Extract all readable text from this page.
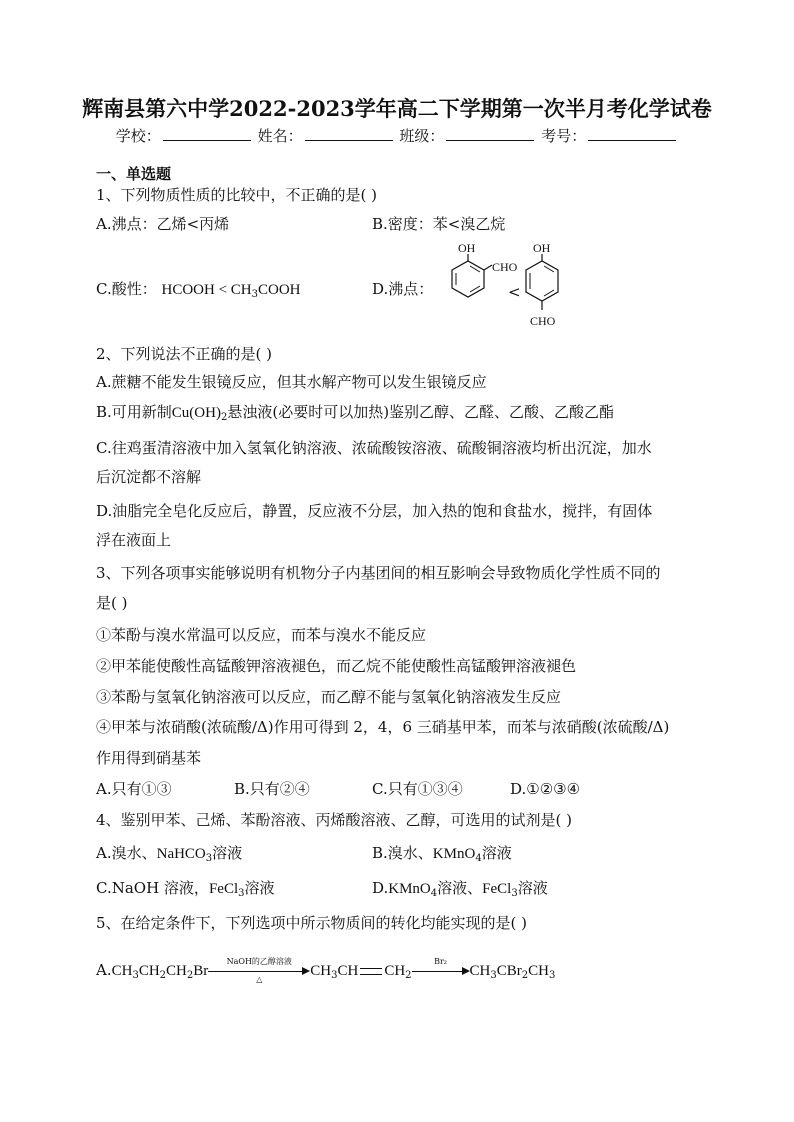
辉南县第六中学2022-2023学年高二下学期第一次半月考化学试卷
学校：	姓名：	班级：	考号：
一、单选题
1、下列物质性质的比较中，不正确的是( )
A.沸点：乙烯<丙烯	B.密度：苯<溴乙烷
C.酸性： HCOOH < $CH_3COOH$	D.沸点：
OH
CHO
<
OH
CHO
2、下列说法不正确的是( )
A.蔗糖不能发生银镜反应，但其水解产物可以发生银镜反应
B.可用新制$Cu(OH)_2$悬浊液(必要时可以加热)鉴别乙醇、乙醛、乙酸、乙酸乙酯
C.往鸡蛋清溶液中加入氢氧化钠溶液、浓硫酸铵溶液、硫酸铜溶液均析出沉淀，加水
后沉淀都不溶解
D.油脂完全皂化反应后，静置，反应液不分层，加入热的饱和食盐水，搅拌，有固体
浮在液面上
3、下列各项事实能够说明有机物分子内基团间的相互影响会导致物质化学性质不同的
是( )
①苯酚与溴水常温可以反应，而苯与溴水不能反应
②甲苯能使酸性高锰酸钾溶液褪色，而乙烷不能使酸性高锰酸钾溶液褪色
③苯酚与氢氧化钠溶液可以反应，而乙醇不能与氢氧化钠溶液发生反应
④甲苯与浓硝酸(浓硫酸/Δ)作用可得到 2，4，6 三硝基甲苯，而苯与浓硝酸(浓硫酸/Δ)
作用得到硝基苯
A.只有①③	B.只有②④	C.只有①③④	D.①②③④
4、鉴别甲苯、己烯、苯酚溶液、丙烯酸溶液、乙醇，可选用的试剂是( )
A.溴水、NaHCO$_3$溶液	B.溴水、KMnO$_4$溶液
C.NaOH 溶液，FeCl$_3$溶液	D.KMnO$_4$溶液、FeCl$_3$溶液
5、在给定条件下，下列选项中所示物质间的转化均能实现的是( )
$A.CH_3CH_2CH_2Br$
NaOH的乙醇溶液
△
$CH_3CH$ $CH_2$
Br₂
$CH_3CBr_2CH_3$
